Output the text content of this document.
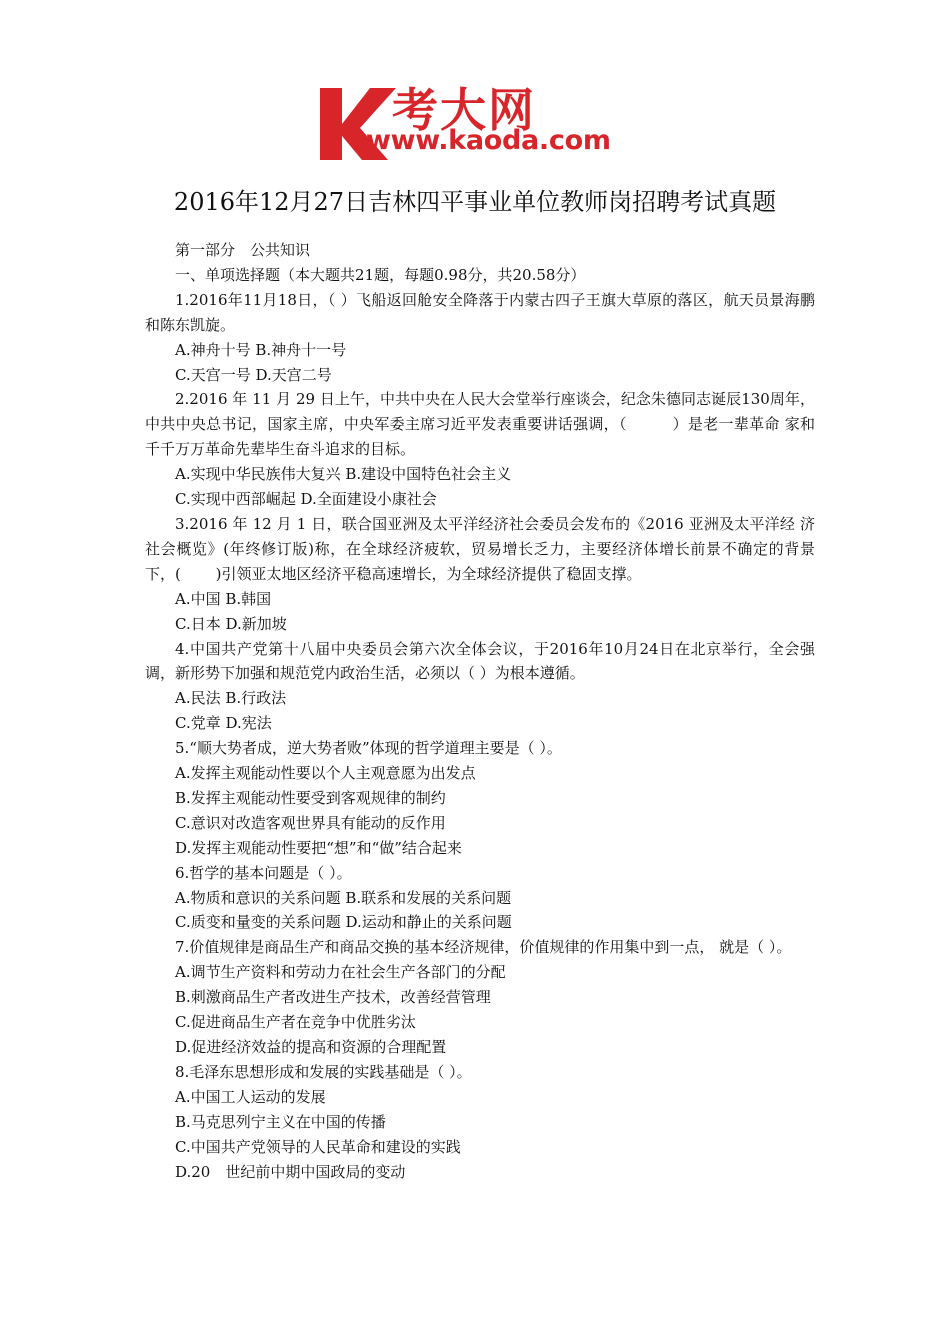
考大网
www.kaoda.com
2016年12月27日吉林四平事业单位教师岗招聘考试真题

第一部分　公共知识

一、单项选择题（本大题共21题，每题0.98分，共20.58分）

1.2016年11月18日，（ ）飞船返回舱安全降落于内蒙古四子王旗大草原的落区，航天员景海鹏和陈东凯旋。

A.神舟十号 B.神舟十一号

C.天宫一号 D.天宫二号

2.2016 年 11 月 29 日上午，中共中央在人民大会堂举行座谈会，纪念朱德同志诞辰130周年，中共中央总书记，国家主席，中央军委主席习近平发表重要讲话强调，（　　　）是老一辈革命 家和千千万万革命先辈毕生奋斗追求的目标。

A.实现中华民族伟大复兴 B.建设中国特色社会主义

C.实现中西部崛起 D.全面建设小康社会

3.2016 年 12 月 1 日，联合国亚洲及太平洋经济社会委员会发布的《2016 亚洲及太平洋经 济社会概览》(年终修订版)称，在全球经济疲软，贸易增长乏力，主要经济体增长前景不确定的背景下，(　　 )引领亚太地区经济平稳高速增长，为全球经济提供了稳固支撑。

A.中国 B.韩国

C.日本 D.新加坡

4.中国共产党第十八届中央委员会第六次全体会议，于2016年10月24日在北京举行，全会强调，新形势下加强和规范党内政治生活，必须以（ ）为根本遵循。

A.民法 B.行政法

C.党章 D.宪法

5.“顺大势者成，逆大势者败”体现的哲学道理主要是（ ）。

A.发挥主观能动性要以个人主观意愿为出发点

B.发挥主观能动性要受到客观规律的制约

C.意识对改造客观世界具有能动的反作用

D.发挥主观能动性要把“想”和“做”结合起来

6.哲学的基本问题是（ ）。

A.物质和意识的关系问题 B.联系和发展的关系问题

C.质变和量变的关系问题 D.运动和静止的关系问题

7.价值规律是商品生产和商品交换的基本经济规律，价值规律的作用集中到一点， 就是（ ）。

A.调节生产资料和劳动力在社会生产各部门的分配

B.刺激商品生产者改进生产技术，改善经营管理

C.促进商品生产者在竞争中优胜劣汰

D.促进经济效益的提高和资源的合理配置

8.毛泽东思想形成和发展的实践基础是（ ）。

A.中国工人运动的发展

B.马克思列宁主义在中国的传播

C.中国共产党领导的人民革命和建设的实践

D.20　世纪前中期中国政局的变动
